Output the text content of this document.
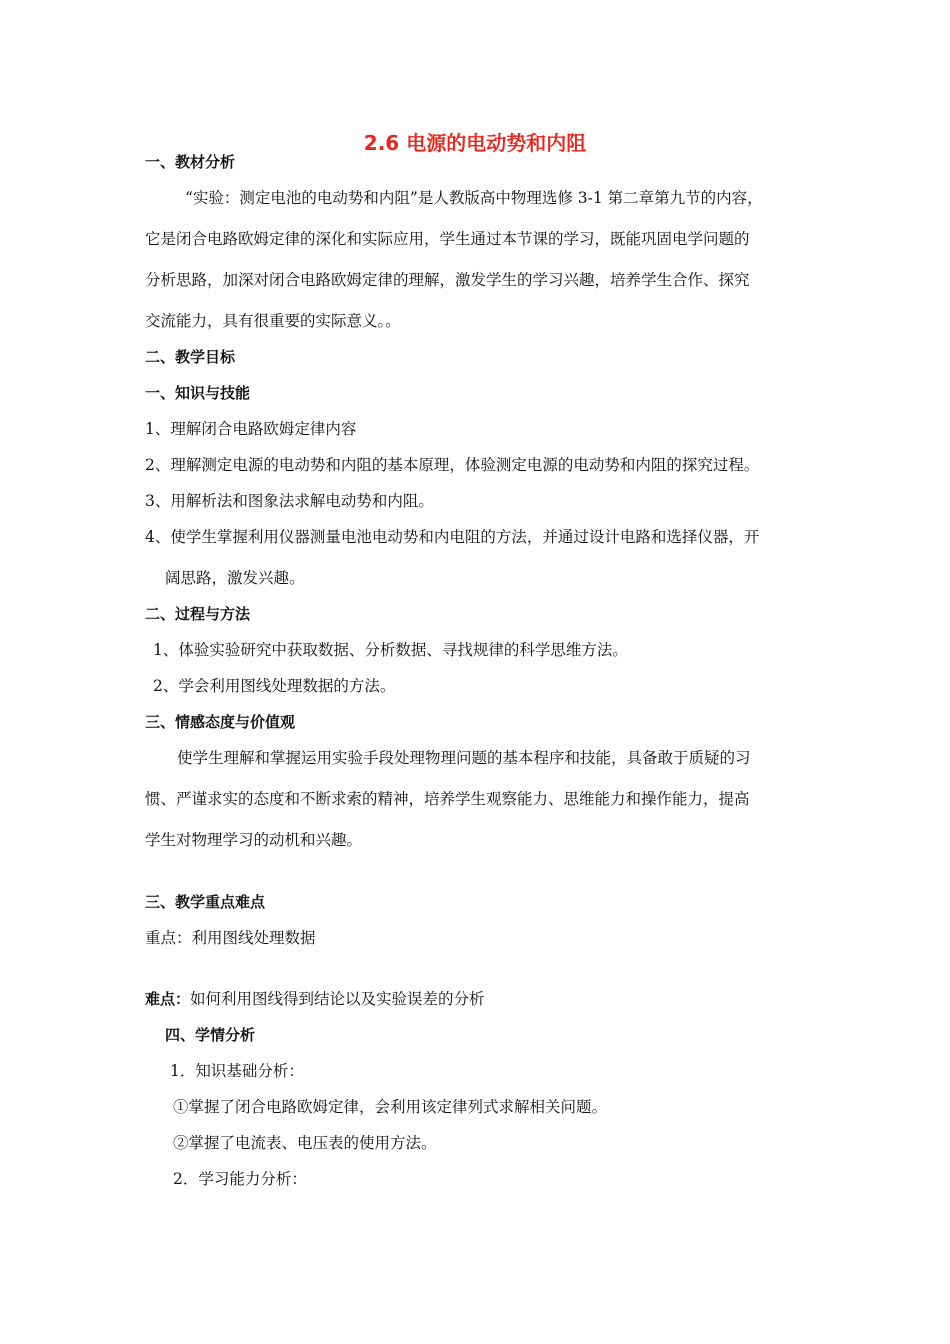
2.6 电源的电动势和内阻
一、教材分析
“实验：测定电池的电动势和内阻”是人教版高中物理选修 3-1 第二章第九节的内容，
它是闭合电路欧姆定律的深化和实际应用，学生通过本节课的学习，既能巩固电学问题的
分析思路，加深对闭合电路欧姆定律的理解，激发学生的学习兴趣，培养学生合作、探究
交流能力，具有很重要的实际意义。。
二、教学目标
一、知识与技能
1、理解闭合电路欧姆定律内容
2、理解测定电源的电动势和内阻的基本原理，体验测定电源的电动势和内阻的探究过程。
3、用解析法和图象法求解电动势和内阻。
4、使学生掌握利用仪器测量电池电动势和内电阻的方法，并通过设计电路和选择仪器，开
阔思路，激发兴趣。
二、过程与方法
1、体验实验研究中获取数据、分析数据、寻找规律的科学思维方法。
2、学会利用图线处理数据的方法。
三、情感态度与价值观
使学生理解和掌握运用实验手段处理物理问题的基本程序和技能，具备敢于质疑的习
惯、严谨求实的态度和不断求索的精神，培养学生观察能力、思维能力和操作能力，提高
学生对物理学习的动机和兴趣。
三、教学重点难点
重点：利用图线处理数据
难点：如何利用图线得到结论以及实验误差的分析
四、学情分析
1．知识基础分析：
①掌握了闭合电路欧姆定律，会利用该定律列式求解相关问题。
②掌握了电流表、电压表的使用方法。
2．学习能力分析：
